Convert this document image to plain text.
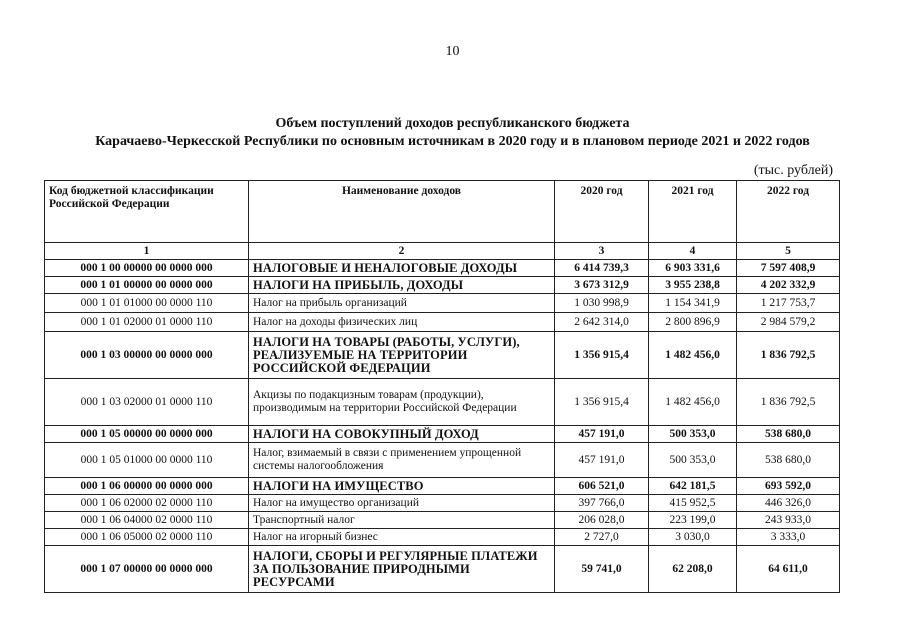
10
Объем поступлений доходов республиканского бюджета
Карачаево-Черкесской Республики по основным источникам в 2020 году и в плановом периоде 2021 и 2022 годов
(тыс. рублей)
Код бюджетной классификации Российской Федерации	Наименование доходов	2020 год	2021 год	2022 год
1	2	3	4	5
000 1 00 00000 00 0000 000	НАЛОГОВЫЕ И НЕНАЛОГОВЫЕ ДОХОДЫ	6 414 739,3	6 903 331,6	7 597 408,9
000 1 01 00000 00 0000 000	НАЛОГИ НА ПРИБЫЛЬ, ДОХОДЫ	3 673 312,9	3 955 238,8	4 202 332,9
000 1 01 01000 00 0000 110	Налог на прибыль организаций	1 030 998,9	1 154 341,9	1 217 753,7
000 1 01 02000 01 0000 110	Налог на доходы физических лиц	2 642 314,0	2 800 896,9	2 984 579,2
000 1 03 00000 00 0000 000	НАЛОГИ НА ТОВАРЫ (РАБОТЫ, УСЛУГИ), РЕАЛИЗУЕМЫЕ НА ТЕРРИТОРИИ РОССИЙСКОЙ ФЕДЕРАЦИИ	1 356 915,4	1 482 456,0	1 836 792,5
000 1 03 02000 01 0000 110	Акцизы по подакцизным товарам (продукции), производимым на территории Российской Федерации	1 356 915,4	1 482 456,0	1 836 792,5
000 1 05 00000 00 0000 000	НАЛОГИ НА СОВОКУПНЫЙ ДОХОД	457 191,0	500 353,0	538 680,0
000 1 05 01000 00 0000 110	Налог, взимаемый в связи с применением упрощенной системы налогообложения	457 191,0	500 353,0	538 680,0
000 1 06 00000 00 0000 000	НАЛОГИ НА ИМУЩЕСТВО	606 521,0	642 181,5	693 592,0
000 1 06 02000 02 0000 110	Налог на имущество организаций	397 766,0	415 952,5	446 326,0
000 1 06 04000 02 0000 110	Транспортный налог	206 028,0	223 199,0	243 933,0
000 1 06 05000 02 0000 110	Налог на игорный бизнес	2 727,0	3 030,0	3 333,0
000 1 07 00000 00 0000 000	НАЛОГИ, СБОРЫ И РЕГУЛЯРНЫЕ ПЛАТЕЖИ ЗА ПОЛЬЗОВАНИЕ ПРИРОДНЫМИ РЕСУРСАМИ	59 741,0	62 208,0	64 611,0
